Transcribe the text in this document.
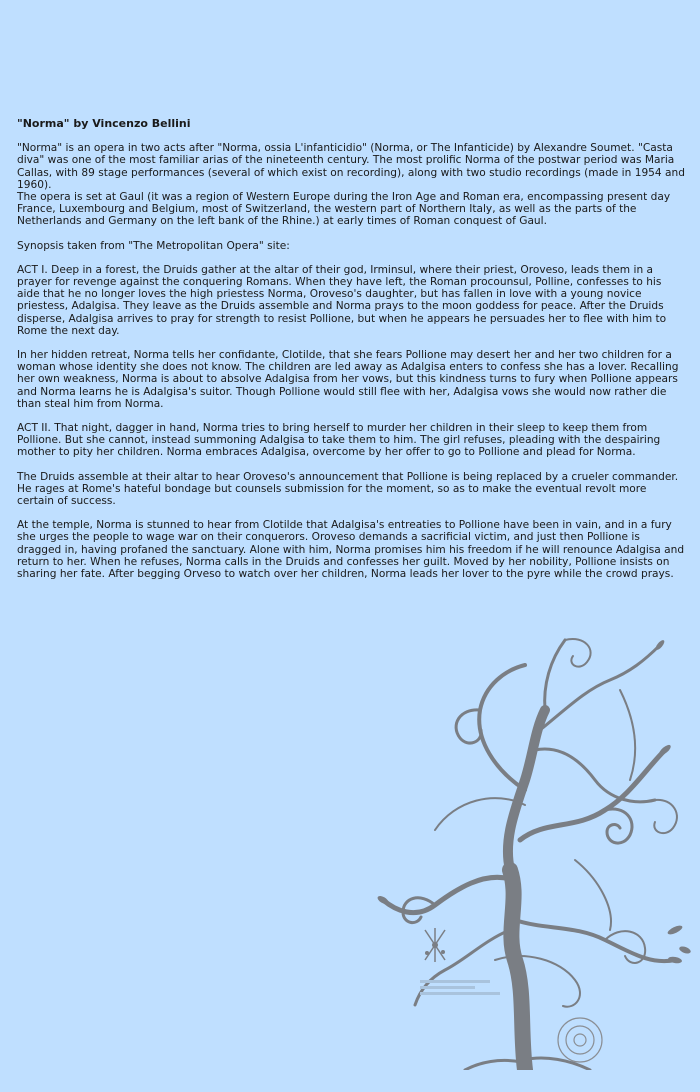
"Norma" by Vincenzo Bellini

"Norma" is an opera in two acts after "Norma, ossia L'infanticidio" (Norma, or The Infanticide) by Alexandre Soumet. "Casta diva" was one of the most familiar arias of the nineteenth century. The most prolific Norma of the postwar period was Maria Callas, with 89 stage performances (several of which exist on recording), along with two studio recordings (made in 1954 and 1960).

The opera is set at Gaul (it was a region of Western Europe during the Iron Age and Roman era, encompassing present day France, Luxembourg and Belgium, most of Switzerland, the western part of Northern Italy, as well as the parts of the Netherlands and Germany on the left bank of the Rhine.) at early times of Roman conquest of Gaul.

Synopsis taken from "The Metropolitan Opera" site:

ACT I. Deep in a forest, the Druids gather at the altar of their god, Irminsul, where their priest, Oroveso, leads them in a prayer for revenge against the conquering Romans. When they have left, the Roman procounsul, Polline, confesses to his aide that he no longer loves the high priestess Norma, Oroveso's daughter, but has fallen in love with a young novice priestess, Adalgisa. They leave as the Druids assemble and Norma prays to the moon goddess for peace. After the Druids disperse, Adalgisa arrives to pray for strength to resist Pollione, but when he appears he persuades her to flee with him to Rome the next day.

In her hidden retreat, Norma tells her confidante, Clotilde, that she fears Pollione may desert her and her two children for a woman whose identity she does not know. The children are led away as Adalgisa enters to confess she has a lover. Recalling her own weakness, Norma is about to absolve Adalgisa from her vows, but this kindness turns to fury when Pollione appears and Norma learns he is Adalgisa's suitor. Though Pollione would still flee with her, Adalgisa vows she would now rather die than steal him from Norma.

ACT II. That night, dagger in hand, Norma tries to bring herself to murder her children in their sleep to keep them from Pollione. But she cannot, instead summoning Adalgisa to take them to him. The girl refuses, pleading with the despairing mother to pity her children. Norma embraces Adalgisa, overcome by her offer to go to Pollione and plead for Norma.

The Druids assemble at their altar to hear Oroveso's announcement that Pollione is being replaced by a crueler commander. He rages at Rome's hateful bondage but counsels submission for the moment, so as to make the eventual revolt more certain of success.

At the temple, Norma is stunned to hear from Clotilde that Adalgisa's entreaties to Pollione have been in vain, and in a fury she urges the people to wage war on their conquerors. Oroveso demands a sacrificial victim, and just then Pollione is dragged in, having profaned the sanctuary. Alone with him, Norma promises him his freedom if he will renounce Adalgisa and return to her. When he refuses, Norma calls in the Druids and confesses her guilt. Moved by her nobility, Pollione insists on sharing her fate. After begging Orveso to watch over her children, Norma leads her lover to the pyre while the crowd prays.
